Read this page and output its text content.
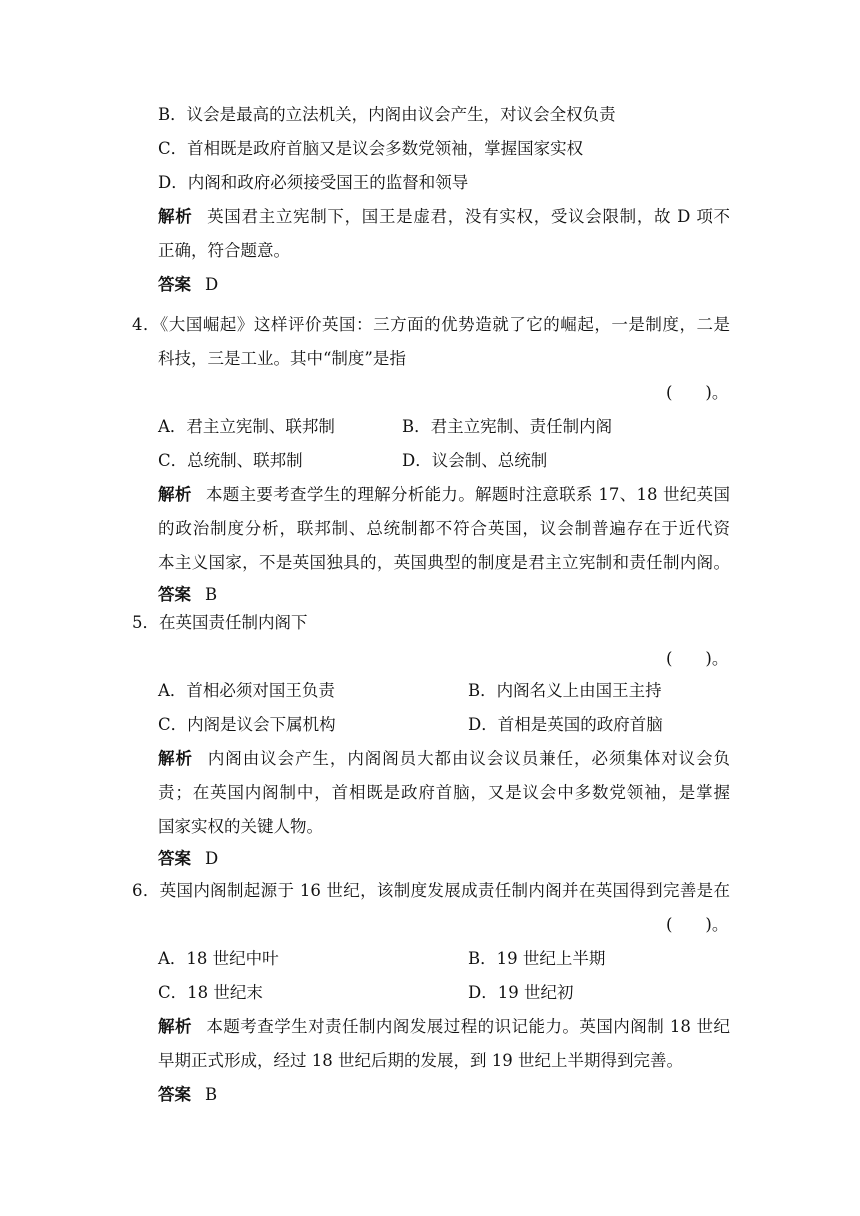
B．议会是最高的立法机关，内阁由议会产生，对议会全权负责
C．首相既是政府首脑又是议会多数党领袖，掌握国家实权
D．内阁和政府必须接受国王的监督和领导
解析 英国君主立宪制下，国王是虚君，没有实权，受议会限制，故 D 项不
正确，符合题意。
答案 D
4．《大国崛起》这样评价英国：三方面的优势造就了它的崛起，一是制度，二是
科技，三是工业。其中“制度”是指
(　　)。
A．君主立宪制、联邦制	B．君主立宪制、责任制内阁
C．总统制、联邦制	D．议会制、总统制
解析 本题主要考查学生的理解分析能力。解题时注意联系 17、18 世纪英国
的政治制度分析，联邦制、总统制都不符合英国，议会制普遍存在于近代资
本主义国家，不是英国独具的，英国典型的制度是君主立宪制和责任制内阁。
答案 B
5．在英国责任制内阁下
(　　)。
A．首相必须对国王负责	B．内阁名义上由国王主持
C．内阁是议会下属机构	D．首相是英国的政府首脑
解析 内阁由议会产生，内阁阁员大都由议会议员兼任，必须集体对议会负
责；在英国内阁制中，首相既是政府首脑，又是议会中多数党领袖，是掌握
国家实权的关键人物。
答案 D
6．英国内阁制起源于 16 世纪，该制度发展成责任制内阁并在英国得到完善是在
(　　)。
A．18 世纪中叶	B．19 世纪上半期
C．18 世纪末	D．19 世纪初
解析 本题考查学生对责任制内阁发展过程的识记能力。英国内阁制 18 世纪
早期正式形成，经过 18 世纪后期的发展，到 19 世纪上半期得到完善。
答案 B
